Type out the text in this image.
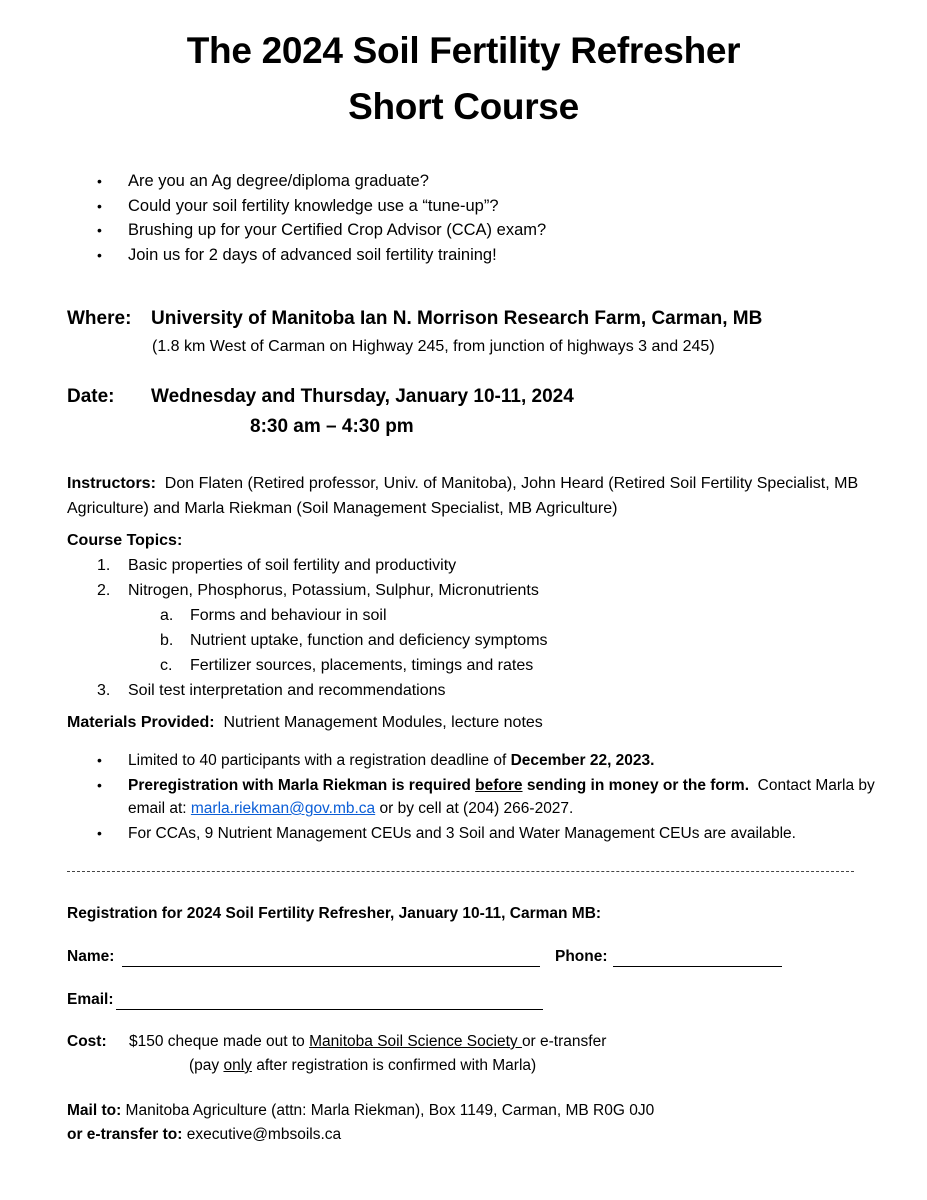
The 2024 Soil Fertility Refresher
Short Course
• Are you an Ag degree/diploma graduate?
• Could your soil fertility knowledge use a “tune-up”?
• Brushing up for your Certified Crop Advisor (CCA) exam?
• Join us for 2 days of advanced soil fertility training!
Where: University of Manitoba Ian N. Morrison Research Farm, Carman, MB
(1.8 km West of Carman on Highway 245, from junction of highways 3 and 245)
Date: Wednesday and Thursday, January 10-11, 2024
8:30 am – 4:30 pm
Instructors: Don Flaten (Retired professor, Univ. of Manitoba), John Heard (Retired Soil Fertility Specialist, MB Agriculture) and Marla Riekman (Soil Management Specialist, MB Agriculture)
Course Topics:
1. Basic properties of soil fertility and productivity
2. Nitrogen, Phosphorus, Potassium, Sulphur, Micronutrients
a. Forms and behaviour in soil
b. Nutrient uptake, function and deficiency symptoms
c. Fertilizer sources, placements, timings and rates
3. Soil test interpretation and recommendations
Materials Provided: Nutrient Management Modules, lecture notes
• Limited to 40 participants with a registration deadline of December 22, 2023.
• Preregistration with Marla Riekman is required before sending in money or the form.  Contact Marla by email at: marla.riekman@gov.mb.ca or by cell at (204) 266-2027.
• For CCAs, 9 Nutrient Management CEUs and 3 Soil and Water Management CEUs are available.
Registration for 2024 Soil Fertility Refresher, January 10-11, Carman MB:
Name:	Phone:
Email:
Cost: $150 cheque made out to Manitoba Soil Science Society or e-transfer
(pay only after registration is confirmed with Marla)
Mail to: Manitoba Agriculture (attn: Marla Riekman), Box 1149, Carman, MB R0G 0J0
or e-transfer to: executive@mbsoils.ca
